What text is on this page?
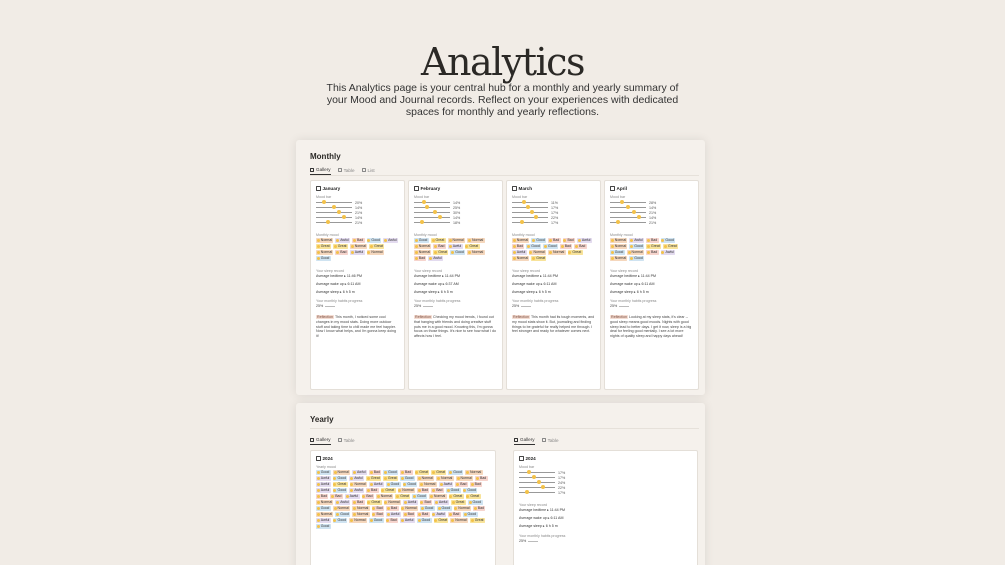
Analytics
This Analytics page is your central hub for a monthly and yearly summary of your Mood and Journal records. Reflect on your experiences with dedicated spaces for monthly and yearly reflections.
Monthly
Gallery	Table	List
January
Mood bar
20%
14%
21%
14%
21%
Monthly mood
Normal	Awful	Bad	Good	Awful
Great	Great	Normal	Great
Normal	Bad	Awful	Normal
Good
Your sleep record
Average bedtime ▸ 11:46 PM
Average wake up ▸ 6:11 AM
Average sleep ▸ 6 h 5 m
Your monthly habits progress
25%
Reflection This month, I noticed some cool changes in my mood stats. Doing more outdoor stuff and taking time to chill made me feel happier. Now I know what helps, and I'm gonna keep doing it!
February
Mood bar
14%
25%
30%
14%
18%
Monthly mood
Good	Great	Normal	Normal
Normal	Bad	Awful	Great
Normal	Great	Good	Normal
Bad	Awful
Your sleep record
Average bedtime ▸ 11:44 PM
Average wake up ▸ 6:37 AM
Average sleep ▸ 6 h 5 m
Your monthly habits progress
25%
Reflection Checking my mood trends, I found out that hanging with friends and doing creative stuff puts me in a good mood. Knowing this, I'm gonna focus on those things. It's nice to see how what I do affects how I feel.
March
Mood bar
11%
17%
17%
22%
17%
Monthly mood
Normal	Good	Bad	Bad	Awful
Bad	Good	Good	Bad	Bad
Awful	Normal	Normal	Great
Normal	Great
Your sleep record
Average bedtime ▸ 11:44 PM
Average wake up ▸ 6:11 AM
Average sleep ▸ 6 h 5 m
Your monthly habits progress
25%
Reflection This month had its tough moments, and my mood stats show it. But, journaling and finding things to be grateful for really helped me through. I feel stronger and ready for whatever comes next.
April
Mood bar
28%
14%
21%
14%
21%
Monthly mood
Normal	Awful	Bad	Good
Normal	Good	Great	Great
Good	Normal	Bad	Awful
Normal	Good
Your sleep record
Average bedtime ▸ 11:44 PM
Average wake up ▸ 6:11 AM
Average sleep ▸ 6 h 5 m
Your monthly habits progress
25%
Reflection Looking at my sleep stats, it's clear -- good sleep means good moods. Nights with good sleep lead to better days. I get it now, sleep is a big deal for feeling good mentally. I see a lot more nights of quality sleep and happy days ahead!
Yearly
Gallery	Table	Gallery	Table
2024
Yearly mood
Good	Normal	Awful	Bad	Good	Bad	Great	Great	Good	Normal
Awful	Good	Awful	Great	Great	Good	Normal	Normal	Normal	Bad
Awful	Great	Normal	Awful	Good	Good	Normal	Awful	Bad	Bad
Awful	Good	Awful	Bad	Great	Normal	Bad	Bad	Good	Good
Bad	Bad	Awful	Bad	Normal	Great	Good	Normal	Great	Great
Normal	Awful	Bad	Great	Normal	Awful	Bad	Awful	Great	Good
Good	Normal	Normal	Bad	Bad	Normal	Good	Good	Normal	Bad
Normal	Good	Normal	Bad	Awful	Bad	Bad	Awful	Bad	Good
Awful	Good	Normal	Good	Bad	Awful	Good	Great	Normal	Great
Good
2024
Mood bar
17%
17%
24%
22%
17%
Your sleep record
Average bedtime ▸ 11:44 PM
Average wake up ▸ 6:11 AM
Average sleep ▸ 6 h 5 m
Your monthly habits progress
25%
